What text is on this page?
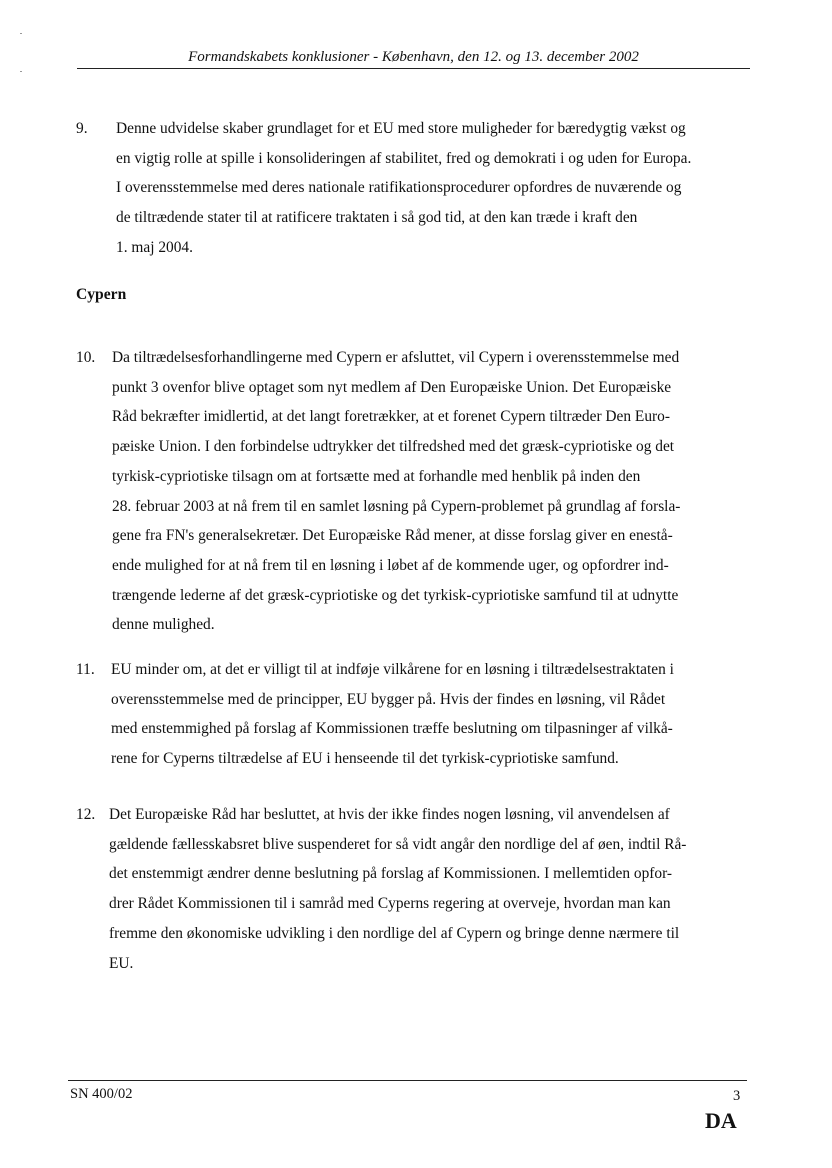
Formandskabets konklusioner - København, den 12. og 13. december 2002
9. Denne udvidelse skaber grundlaget for et EU med store muligheder for bæredygtig vækst og
en vigtig rolle at spille i konsolideringen af stabilitet, fred og demokrati i og uden for Europa.
I overensstemmelse med deres nationale ratifikationsprocedurer opfordres de nuværende og
de tiltrædende stater til at ratificere traktaten i så god tid, at den kan træde i kraft den
1. maj 2004.
Cypern
10. Da tiltrædelsesforhandlingerne med Cypern er afsluttet, vil Cypern i overensstemmelse med
punkt 3 ovenfor blive optaget som nyt medlem af Den Europæiske Union. Det Europæiske
Råd bekræfter imidlertid, at det langt foretrækker, at et forenet Cypern tiltræder Den Euro-
pæiske Union. I den forbindelse udtrykker det tilfredshed med det græsk-cypriotiske og det
tyrkisk-cypriotiske tilsagn om at fortsætte med at forhandle med henblik på inden den
28. februar 2003 at nå frem til en samlet løsning på Cypern-problemet på grundlag af forsla-
gene fra FN's generalsekretær. Det Europæiske Råd mener, at disse forslag giver en enestå-
ende mulighed for at nå frem til en løsning i løbet af de kommende uger, og opfordrer ind-
trængende lederne af det græsk-cypriotiske og det tyrkisk-cypriotiske samfund til at udnytte
denne mulighed.
11. EU minder om, at det er villigt til at indføje vilkårene for en løsning i tiltrædelsestraktaten i
overensstemmelse med de principper, EU bygger på. Hvis der findes en løsning, vil Rådet
med enstemmighed på forslag af Kommissionen træffe beslutning om tilpasninger af vilkå-
rene for Cyperns tiltrædelse af EU i henseende til det tyrkisk-cypriotiske samfund.
12. Det Europæiske Råd har besluttet, at hvis der ikke findes nogen løsning, vil anvendelsen af
gældende fællesskabsret blive suspenderet for så vidt angår den nordlige del af øen, indtil Rå-
det enstemmigt ændrer denne beslutning på forslag af Kommissionen. I mellemtiden opfor-
drer Rådet Kommissionen til i samråd med Cyperns regering at overveje, hvordan man kan
fremme den økonomiske udvikling i den nordlige del af Cypern og bringe denne nærmere til
EU.
SN 400/02	3
DA
